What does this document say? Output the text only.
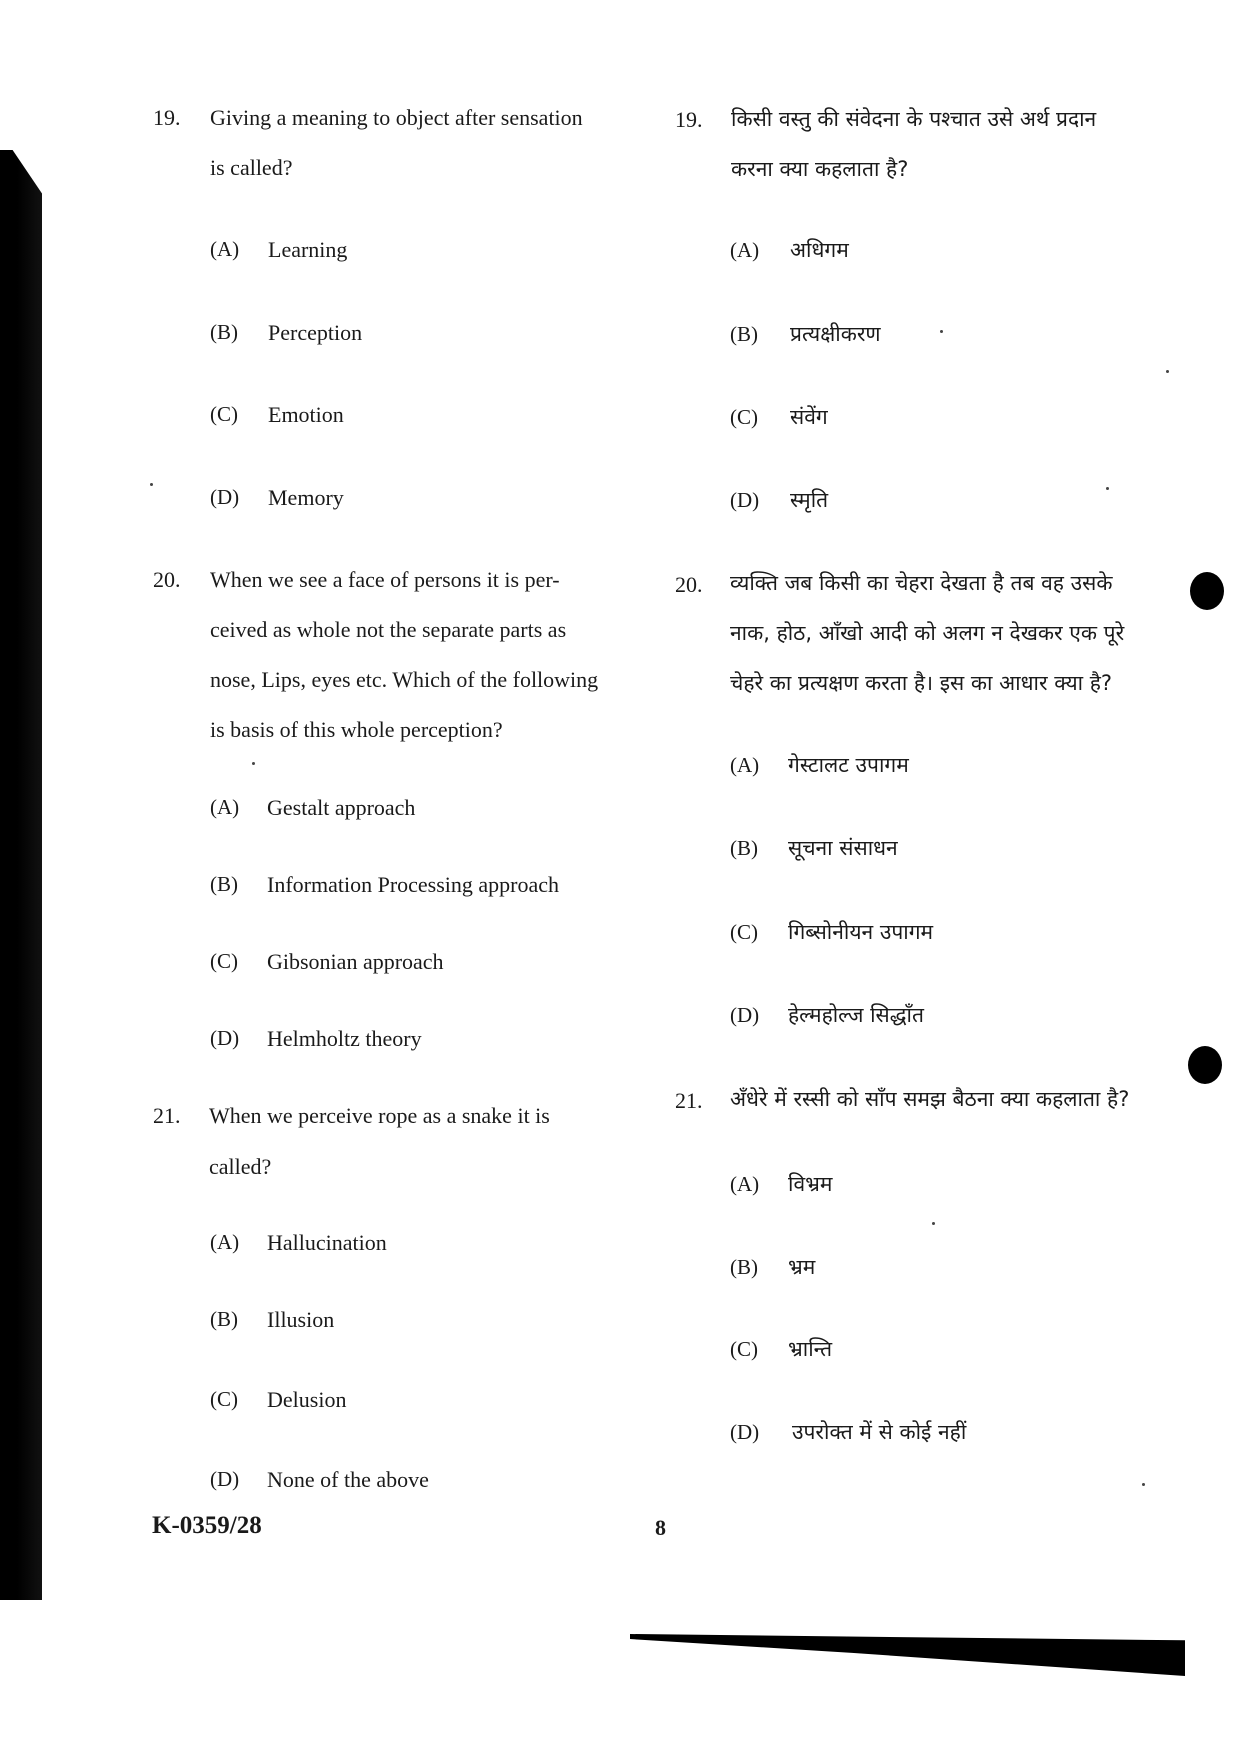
19. Giving a meaning to object after sensation
is called?
(A) Learning
(B) Perception
(C) Emotion
(D) Memory
20. When we see a face of persons it is per-
ceived as whole not the separate parts as
nose, Lips, eyes etc. Which of the following
is basis of this whole perception?
(A) Gestalt approach
(B) Information Processing approach
(C) Gibsonian approach
(D) Helmholtz theory
21. When we perceive rope as a snake it is
called?
(A) Hallucination
(B) Illusion
(C) Delusion
(D) None of the above
19. किसी वस्तु की संवेदना के पश्चात उसे अर्थ प्रदान
करना क्या कहलाता है?
(A) अधिगम
(B) प्रत्यक्षीकरण
(C) संवेंग
(D) स्मृति
20. व्यक्ति जब किसी का चेहरा देखता है तब वह उसके
नाक, होठ, आँखो आदी को अलग न देखकर एक पूरे
चेहरे का प्रत्यक्षण करता है। इस का आधार क्या है?
(A) गेस्टालट उपागम
(B) सूचना संसाधन
(C) गिब्सोनीयन उपागम
(D) हेल्महोल्ज सिद्धाँत
21. अँधेरे में रस्सी को साँप समझ बैठना क्या कहलाता है?
(A) विभ्रम
(B) भ्रम
(C) भ्रान्ति
(D) उपरोक्त में से कोई नहीं
K-0359/28	8
